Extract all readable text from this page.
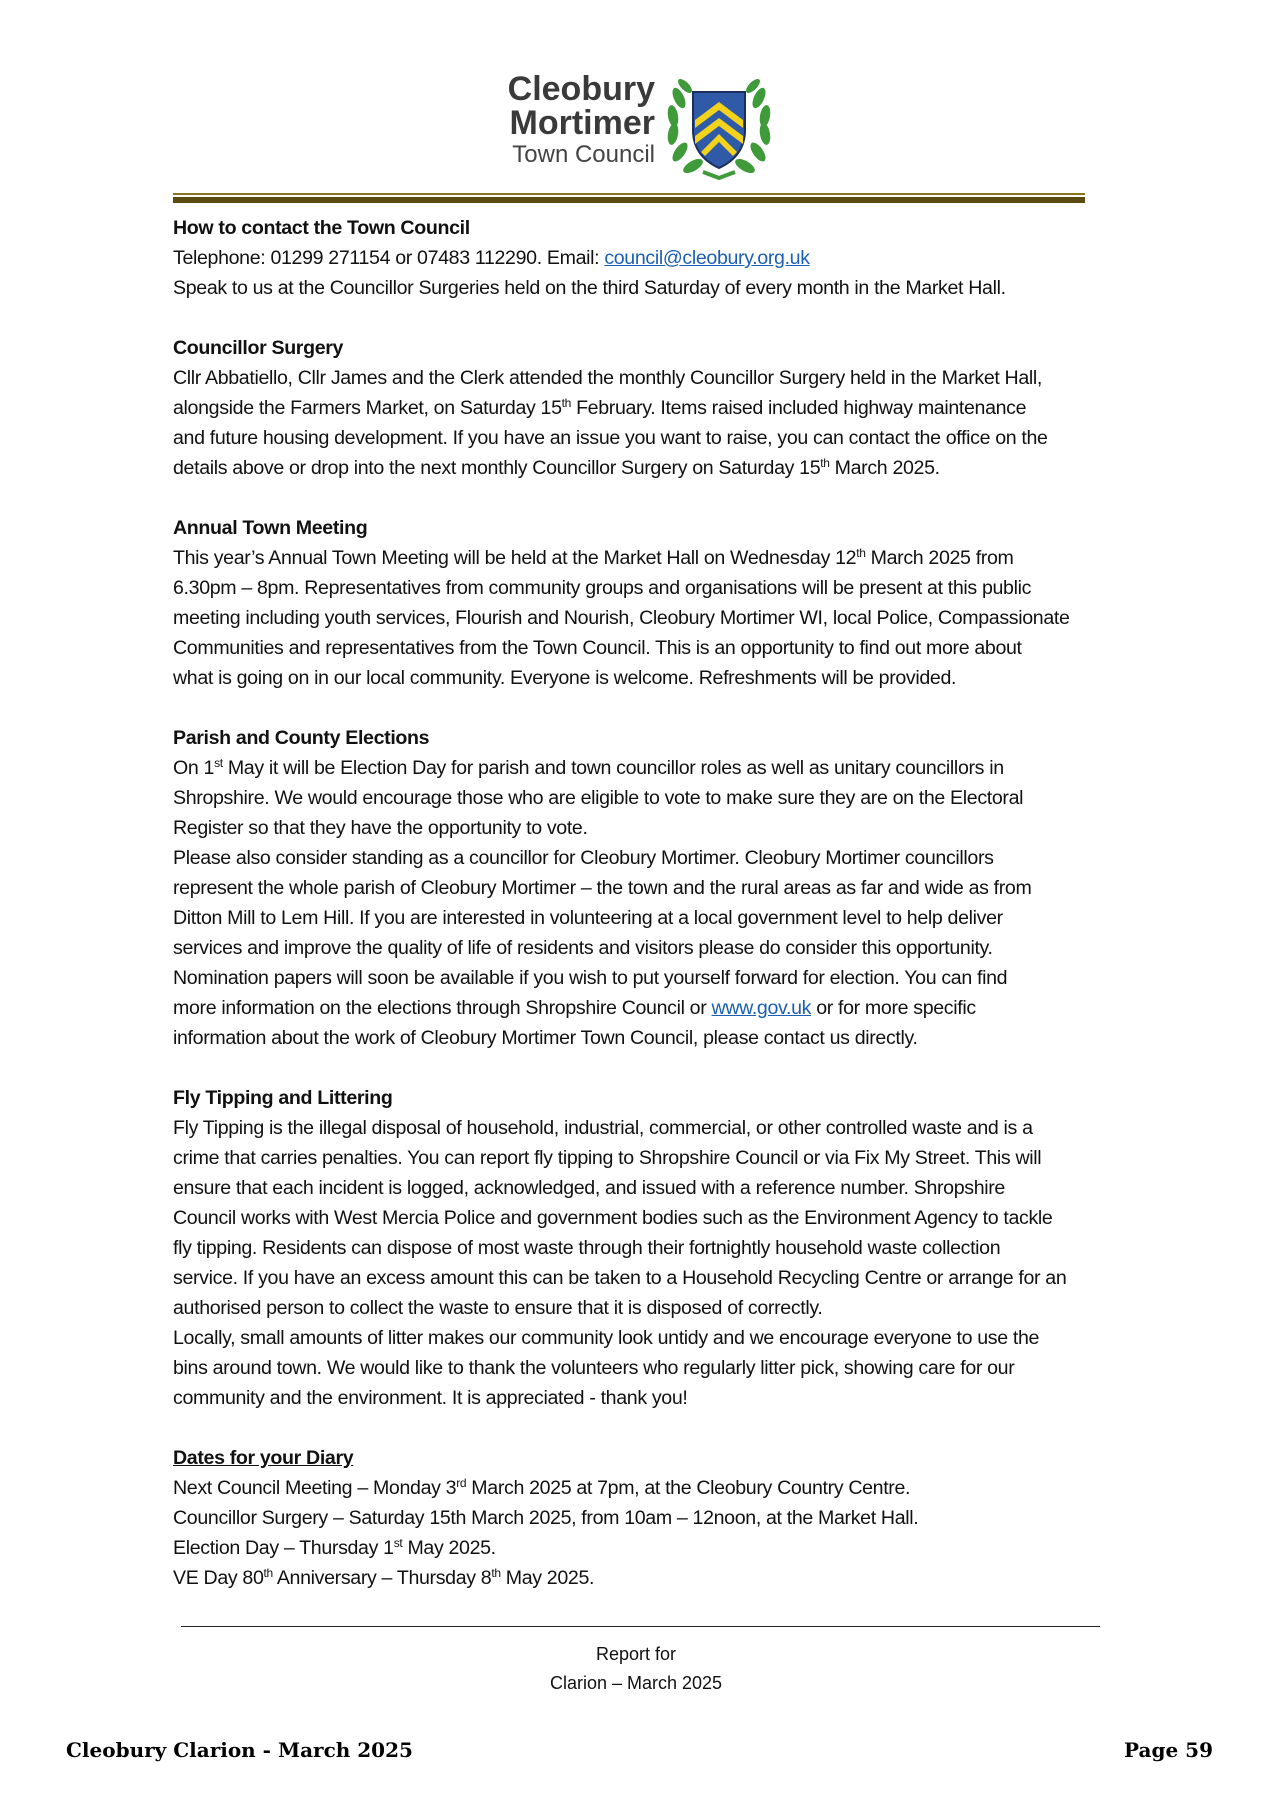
Cleobury
Mortimer
Town Council

How to contact the Town Council

Telephone: 01299 271154 or 07483 112290. Email: council@cleobury.org.uk

Speak to us at the Councillor Surgeries held on the third Saturday of every month in the Market Hall.

Councillor Surgery

Cllr Abbatiello, Cllr James and the Clerk attended the monthly Councillor Surgery held in the Market Hall,

alongside the Farmers Market, on Saturday 15th February. Items raised included highway maintenance

and future housing development. If you have an issue you want to raise, you can contact the office on the

details above or drop into the next monthly Councillor Surgery on Saturday 15th March 2025.

Annual Town Meeting

This year’s Annual Town Meeting will be held at the Market Hall on Wednesday 12th March 2025 from

6.30pm – 8pm. Representatives from community groups and organisations will be present at this public

meeting including youth services, Flourish and Nourish, Cleobury Mortimer WI, local Police, Compassionate

Communities and representatives from the Town Council. This is an opportunity to find out more about

what is going on in our local community. Everyone is welcome. Refreshments will be provided.

Parish and County Elections

On 1st May it will be Election Day for parish and town councillor roles as well as unitary councillors in

Shropshire. We would encourage those who are eligible to vote to make sure they are on the Electoral

Register so that they have the opportunity to vote.

Please also consider standing as a councillor for Cleobury Mortimer. Cleobury Mortimer councillors

represent the whole parish of Cleobury Mortimer – the town and the rural areas as far and wide as from

Ditton Mill to Lem Hill. If you are interested in volunteering at a local government level to help deliver

services and improve the quality of life of residents and visitors please do consider this opportunity.

Nomination papers will soon be available if you wish to put yourself forward for election. You can find

more information on the elections through Shropshire Council or www.gov.uk or for more specific

information about the work of Cleobury Mortimer Town Council, please contact us directly.

Fly Tipping and Littering

Fly Tipping is the illegal disposal of household, industrial, commercial, or other controlled waste and is a

crime that carries penalties. You can report fly tipping to Shropshire Council or via Fix My Street. This will

ensure that each incident is logged, acknowledged, and issued with a reference number. Shropshire

Council works with West Mercia Police and government bodies such as the Environment Agency to tackle

fly tipping. Residents can dispose of most waste through their fortnightly household waste collection

service. If you have an excess amount this can be taken to a Household Recycling Centre or arrange for an

authorised person to collect the waste to ensure that it is disposed of correctly.

Locally, small amounts of litter makes our community look untidy and we encourage everyone to use the

bins around town. We would like to thank the volunteers who regularly litter pick, showing care for our

community and the environment. It is appreciated - thank you!

Dates for your Diary

Next Council Meeting – Monday 3rd March 2025 at 7pm, at the Cleobury Country Centre.

Councillor Surgery – Saturday 15th March 2025, from 10am – 12noon, at the Market Hall.

Election Day – Thursday 1st May 2025.

VE Day 80th Anniversary – Thursday 8th May 2025.

Report for
Clarion – March 2025
Cleobury Clarion - March 2025	Page 59
